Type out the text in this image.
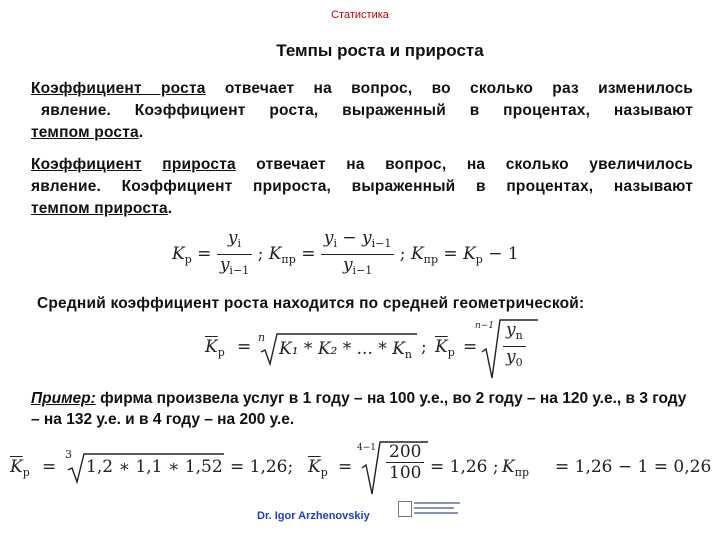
Статистика
Темпы роста и прироста
Коэффициент роста отвечает на вопрос, во сколько раз изменилось
явление. Коэффициент роста, выраженный в процентах, называют
темпом роста.
Коэффициент прироста отвечает на вопрос, на сколько увеличилось
явление. Коэффициент прироста, выраженный в процентах, называют
темпом прироста.
$K_р = \frac{y_i}{y_{i-1}}$ ; $K_{пр} = \frac{y_i - y_{i-1}}{y_{i-1}}$ ; $K_{пр} = K_р - 1$
Средний коэффициент роста находится по средней геометрической:
$\overline{K}_р = n$
K₁ * K₂ * ... * $K_n$ ; $\overline{K}_р$ =
$n-1 \frac{y_n}{y_0}$
Пример: фирма произвела услуг в 1 году – на 100 у.е., во 2 году – на 120 у.е., в 3 году – на 132 у.е. и в 4 году – на 200 у.е.
$\overline{K}_р$ =
3
1,2 ∗ 1,1 ∗ 1,52 = 1,26; $\overline{K}_р$ =
$4-1 \frac{200}{100} = 1,26$ ; $K_{пр} = 1,26 - 1 = 0,26$
Dr. Igor Arzhenovskiy
